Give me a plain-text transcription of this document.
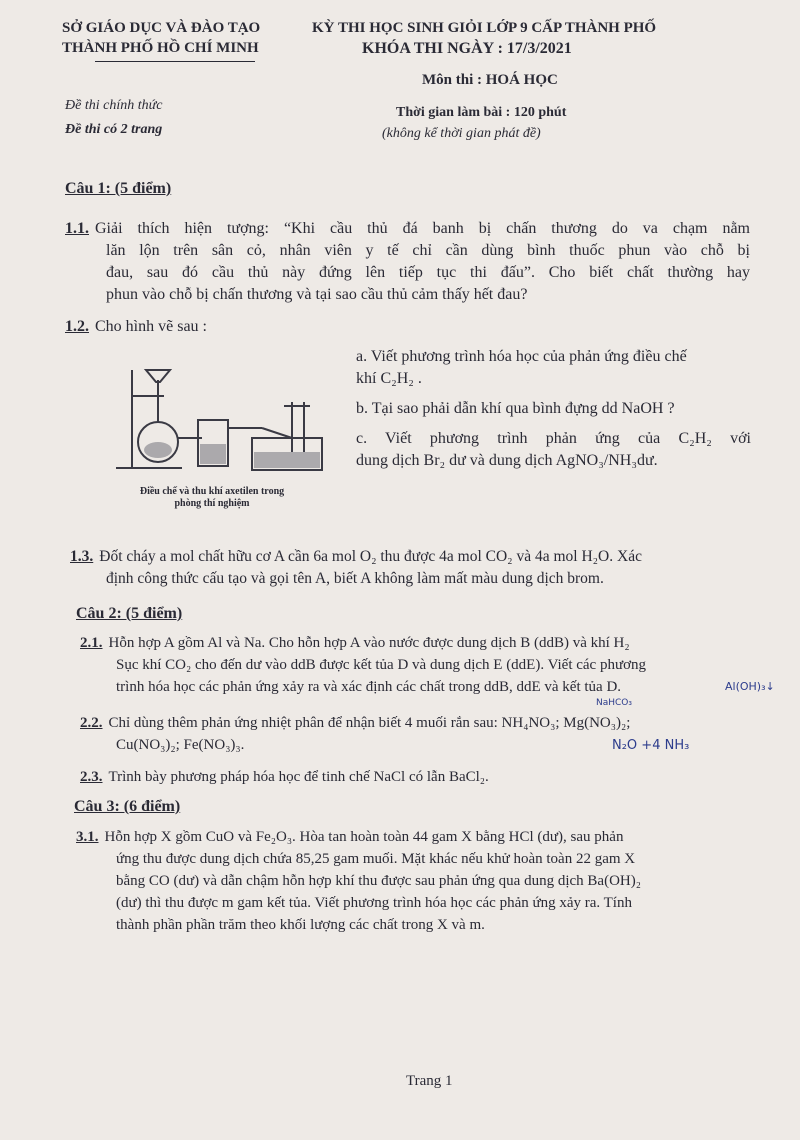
SỞ GIÁO DỤC VÀ ĐÀO TẠO
THÀNH PHỐ HỒ CHÍ MINH
KỲ THI HỌC SINH GIỎI LỚP 9 CẤP THÀNH PHỐ
KHÓA THI NGÀY : 17/3/2021
Môn thi : HOÁ HỌC
Đề thi chính thức
Đề thi có 2 trang
Thời gian làm bài : 120 phút
(không kể thời gian phát đề)
Câu 1: (5 điểm)
1.1. Giải thích hiện tượng: “Khi cầu thủ đá banh bị chấn thương do va chạm nằm
lăn lộn trên sân cỏ, nhân viên y tế chỉ cần dùng bình thuốc phun vào chỗ bị
đau, sau đó cầu thủ này đứng lên tiếp tục thi đấu”. Cho biết chất thường hay
phun vào chỗ bị chấn thương và tại sao cầu thủ cảm thấy hết đau?
1.2. Cho hình vẽ sau :
Điều chế và thu khí axetilen trong
phòng thí nghiệm
a. Viết phương trình hóa học của phản ứng điều chế
khí C₂H₂ .
b. Tại sao phải dẫn khí qua bình đựng dd NaOH ?
c. Viết phương trình phản ứng của C₂H₂ với
dung dịch Br₂ dư và dung dịch AgNO₃/NH₃dư.
1.3. Đốt cháy a mol chất hữu cơ A cần 6a mol O₂ thu được 4a mol CO₂ và 4a mol H₂O. Xác
định công thức cấu tạo và gọi tên A, biết A không làm mất màu dung dịch brom.
Câu 2: (5 điểm)
2.1. Hỗn hợp A gồm Al và Na. Cho hỗn hợp A vào nước được dung dịch B (ddB) và khí H₂
Sục khí CO₂ cho đến dư vào ddB được kết tủa D và dung dịch E (ddE). Viết các phương
trình hóa học các phản ứng xảy ra và xác định các chất trong ddB, ddE và kết tủa D.	Al(OH)₃↓
NaHCO₃
2.2. Chỉ dùng thêm phản ứng nhiệt phân để nhận biết 4 muối rắn sau: NH₄NO₃; Mg(NO₃)₂;
Cu(NO₃)₂; Fe(NO₃)₃.	N₂O +4 NH₃
2.3. Trình bày phương pháp hóa học để tinh chế NaCl có lẫn BaCl₂.
Câu 3: (6 điểm)
3.1. Hỗn hợp X gồm CuO và Fe₂O₃. Hòa tan hoàn toàn 44 gam X bằng HCl (dư), sau phản
ứng thu được dung dịch chứa 85,25 gam muối. Mặt khác nếu khử hoàn toàn 22 gam X
bằng CO (dư) và dẫn chậm hỗn hợp khí thu được sau phản ứng qua dung dịch Ba(OH)₂
(dư) thì thu được m gam kết tủa. Viết phương trình hóa học các phản ứng xảy ra. Tính
thành phần phần trăm theo khối lượng các chất trong X và m.
Trang 1
